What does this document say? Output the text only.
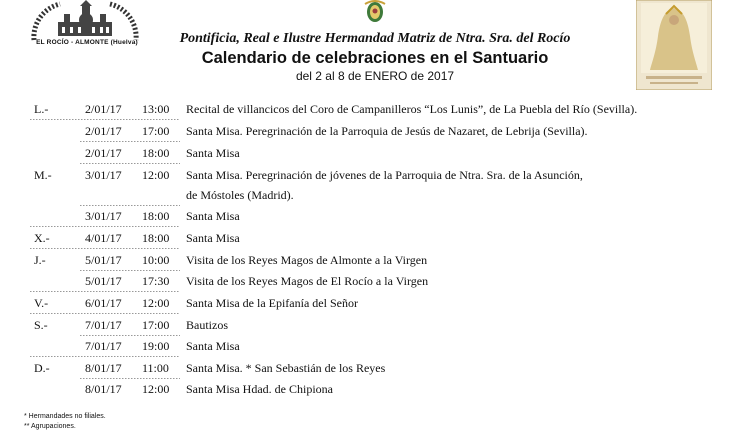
EL ROCÍO - ALMONTE (Huelva)	Pontificia, Real e Ilustre Hermandad Matriz de Ntra. Sra. del Rocío
Calendario de celebraciones en el Santuario
del 2 al 8 de ENERO de 2017
L.-	2/01/17 13:00 Recital de villancicos del Coro de Campanilleros “Los Lunis”, de La Puebla del Río (Sevilla).
2/01/17 17:00 Santa Misa. Peregrinación de la Parroquia de Jesús de Nazaret, de Lebrija (Sevilla).
2/01/17 18:00 Santa Misa
M.-	3/01/17 12:00 Santa Misa. Peregrinación de jóvenes de la Parroquia de Ntra. Sra. de la Asunción,
de Móstoles (Madrid).
3/01/17 18:00 Santa Misa
X.-	4/01/17 18:00 Santa Misa
J.-	5/01/17 10:00 Visita de los Reyes Magos de Almonte a la Virgen
5/01/17 17:30 Visita de los Reyes Magos de El Rocío a la Virgen
V.-	6/01/17 12:00 Santa Misa de la Epifanía del Señor
S.-	7/01/17 17:00 Bautizos
7/01/17 19:00 Santa Misa
D.-	8/01/17 11:00 Santa Misa. * San Sebastián de los Reyes
8/01/17 12:00 Santa Misa Hdad. de Chipiona
* Hermandades no filiales.
** Agrupaciones.
